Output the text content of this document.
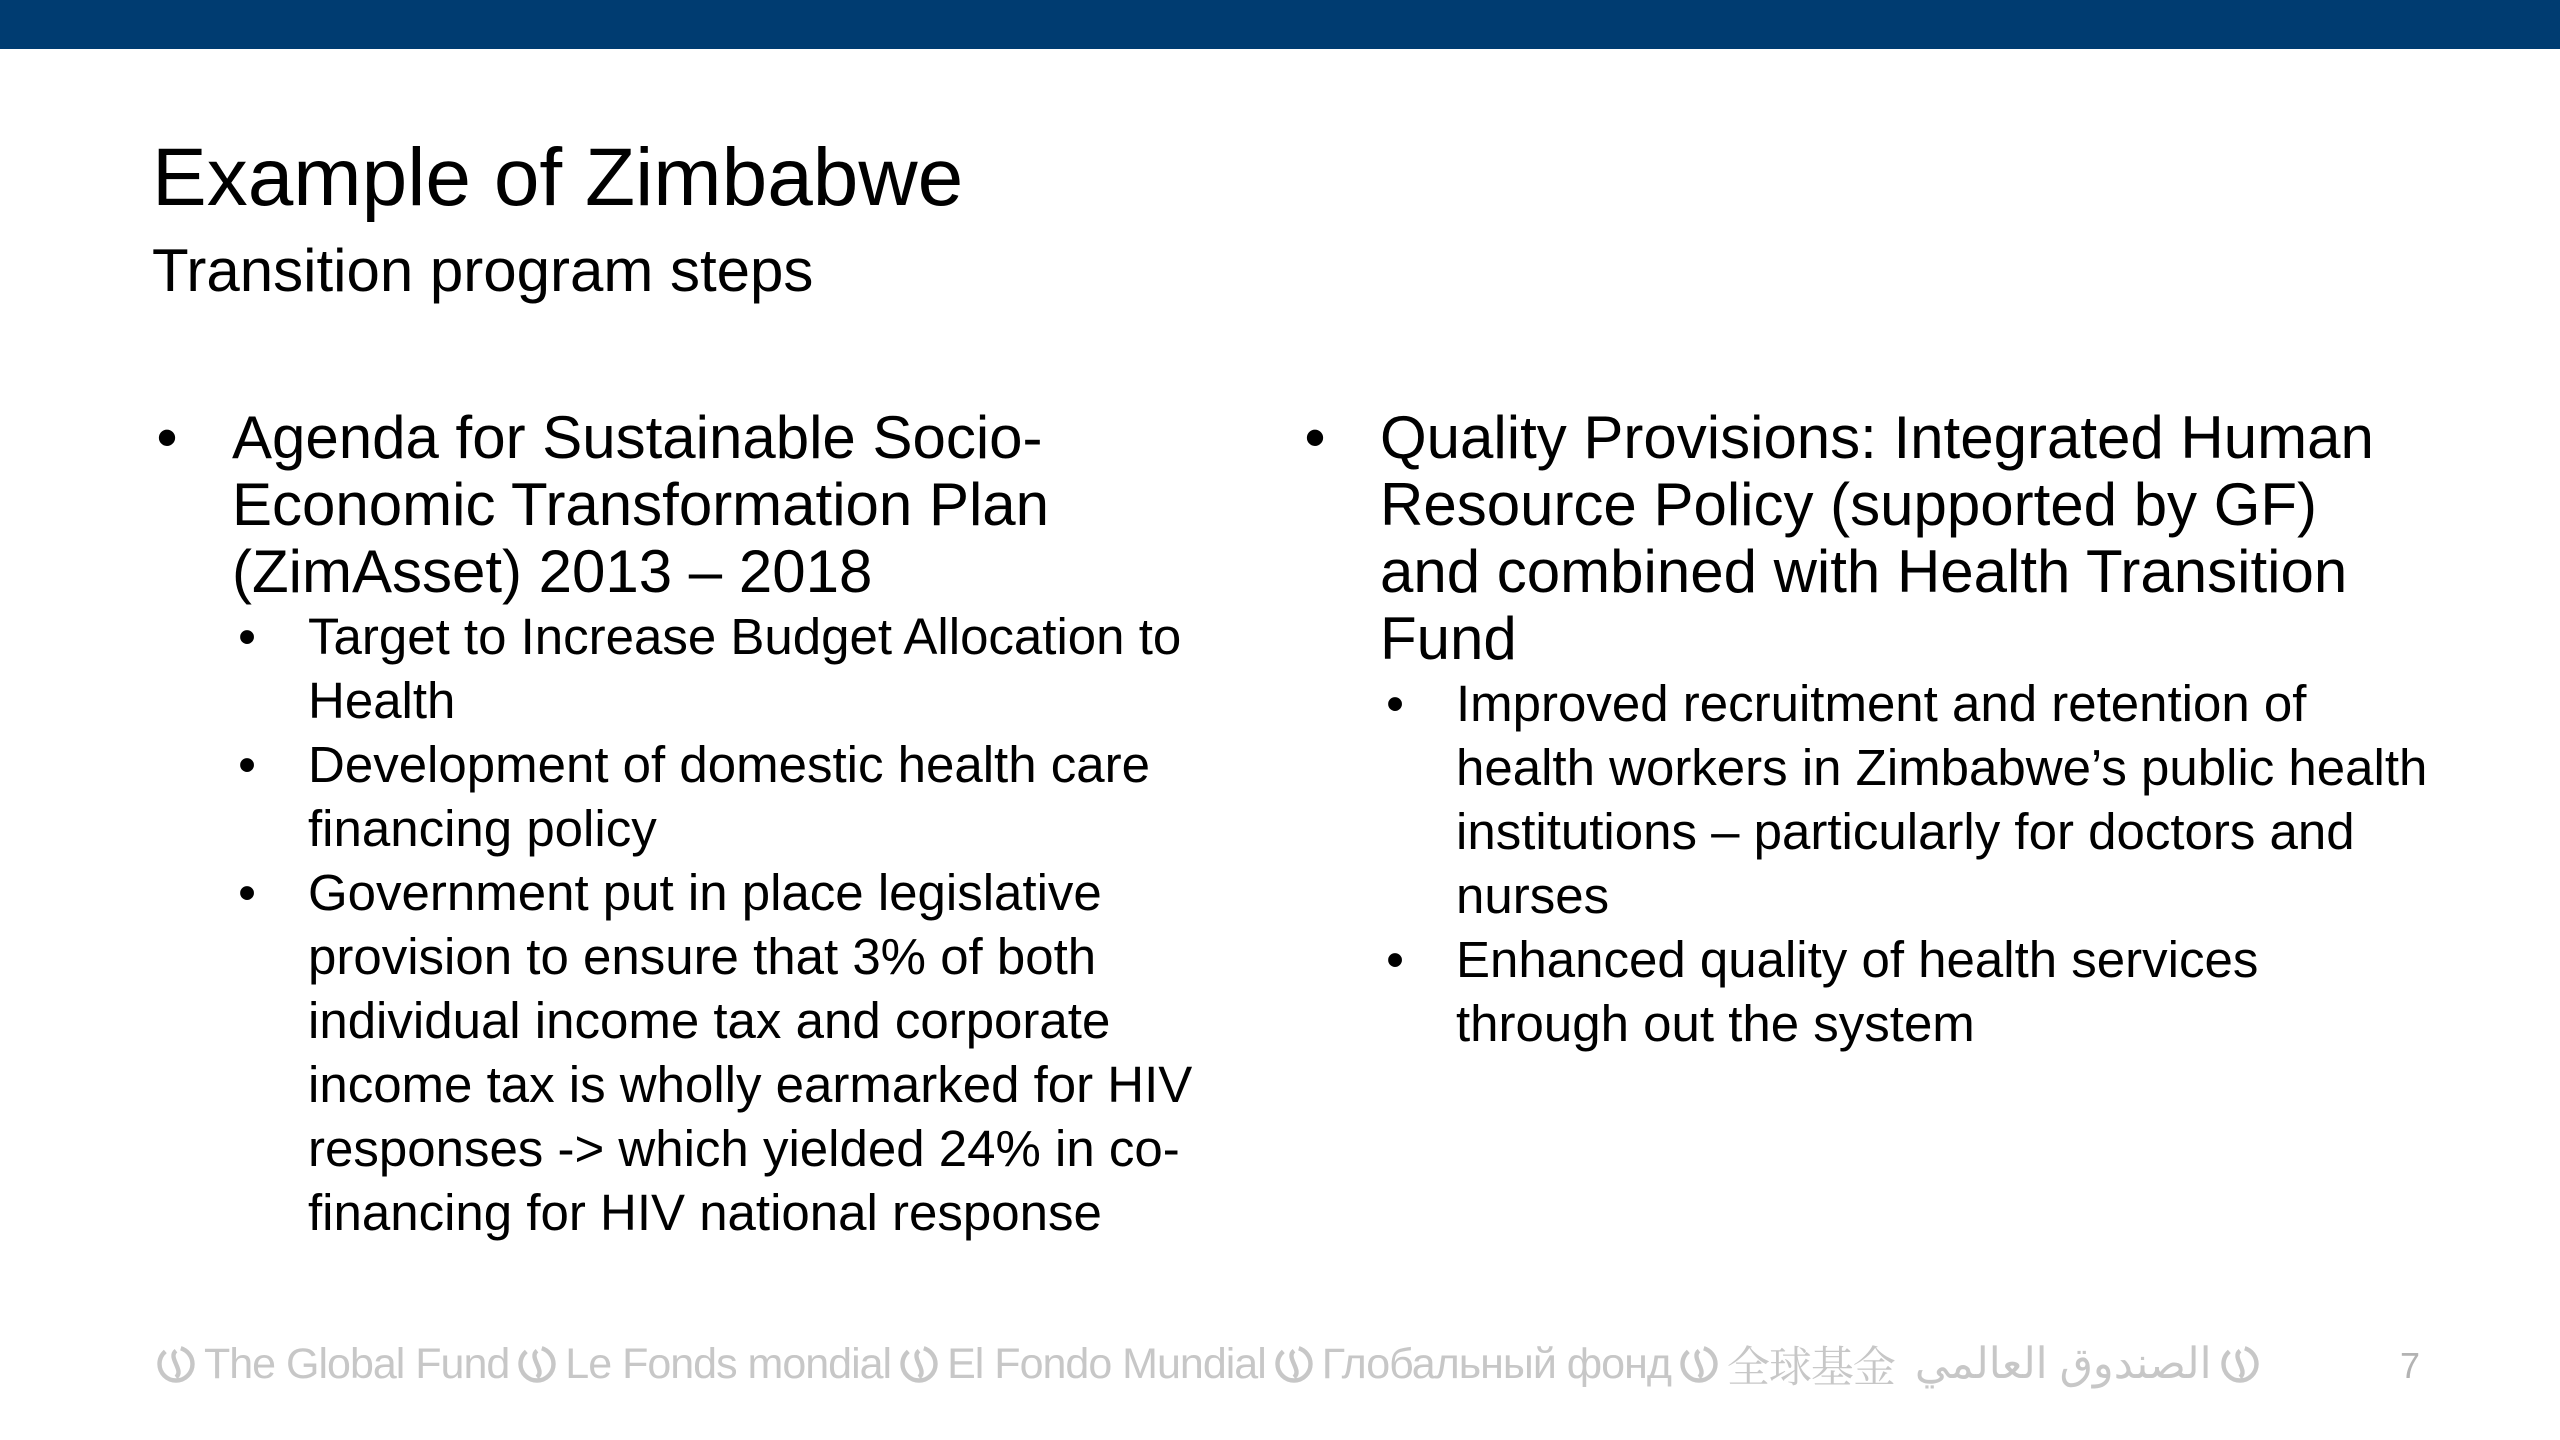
Example of Zimbabwe
Transition program steps
• Agenda for Sustainable Socio-Economic Transformation Plan (ZimAsset) 2013 – 2018
• Target to Increase Budget Allocation to Health
• Development of domestic health care financing policy
• Government put in place legislative provision to ensure that 3% of both individual income tax and corporate income tax is wholly earmarked for HIV responses -> which yielded 24% in co-financing for HIV national response
• Quality Provisions: Integrated Human Resource Policy (supported by GF) and combined with Health Transition Fund
• Improved recruitment and retention of health workers in Zimbabwe’s public health institutions – particularly for doctors and nurses
• Enhanced quality of health services through out the system
The Global Fund Le Fonds mondial El Fondo Mundial Глобальный фонд 全球基金 الصندوق العالمي	7
